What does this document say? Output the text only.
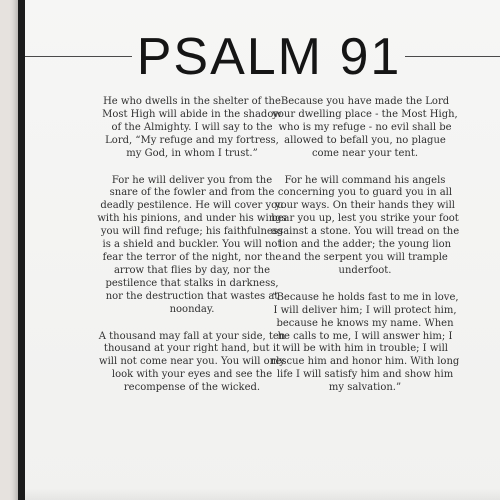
PSALM 91

He who dwells in the shelter of the Most High will abide in the shadow of the Almighty. I will say to the Lord, “My refuge and my fortress, my God, in whom I trust.”

For he will deliver you from the snare of the fowler and from the deadly pestilence. He will cover you with his pinions, and under his wings you will find refuge; his faithfulness is a shield and buckler. You will not fear the terror of the night, nor the arrow that flies by day, nor the pestilence that stalks in darkness, nor the destruction that wastes at noonday.

A thousand may fall at your side, ten thousand at your right hand, but it will not come near you. You will only look with your eyes and see the recompense of the wicked.

Because you have made the Lord your dwelling place - the Most High, who is my refuge - no evil shall be allowed to befall you, no plague come near your tent.

For he will command his angels concerning you to guard you in all your ways. On their hands they will bear you up, lest you strike your foot against a stone. You will tread on the lion and the adder; the young lion and the serpent you will trample underfoot.

“Because he holds fast to me in love, I will deliver him; I will protect him, because he knows my name. When he calls to me, I will answer him; I will be with him in trouble; I will rescue him and honor him. With long life I will satisfy him and show him my salvation.”
